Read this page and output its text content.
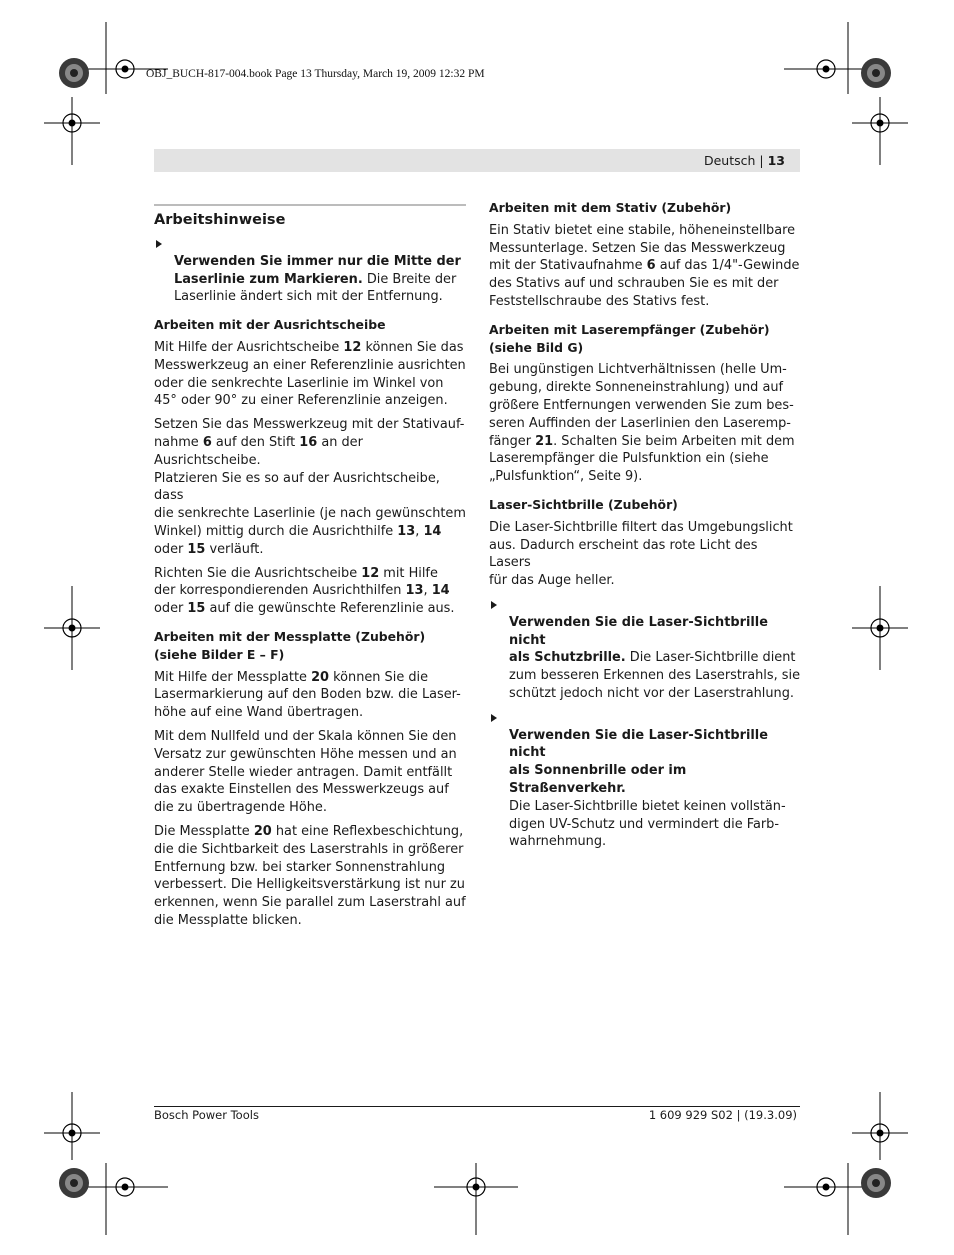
OBJ_BUCH-817-004.book Page 13 Thursday, March 19, 2009 12:32 PM
Deutsch | 13
Arbeitshinweise

Verwenden Sie immer nur die Mitte der
Laserlinie zum Markieren. Die Breite der
Laserlinie ändert sich mit der Entfernung.

Arbeiten mit der Ausrichtscheibe

Mit Hilfe der Ausrichtscheibe 12 können Sie das
Messwerkzeug an einer Referenzlinie ausrichten
oder die senkrechte Laserlinie im Winkel von
45° oder 90° zu einer Referenzlinie anzeigen.

Setzen Sie das Messwerkzeug mit der Stativauf-
nahme 6 auf den Stift 16 an der Ausrichtscheibe.
Platzieren Sie es so auf der Ausrichtscheibe, dass
die senkrechte Laserlinie (je nach gewünschtem
Winkel) mittig durch die Ausrichthilfe 13, 14
oder 15 verläuft.

Richten Sie die Ausrichtscheibe 12 mit Hilfe
der korrespondierenden Ausrichthilfen 13, 14
oder 15 auf die gewünschte Referenzlinie aus.

Arbeiten mit der Messplatte (Zubehör)
(siehe Bilder E – F)

Mit Hilfe der Messplatte 20 können Sie die
Lasermarkierung auf den Boden bzw. die Laser-
höhe auf eine Wand übertragen.

Mit dem Nullfeld und der Skala können Sie den
Versatz zur gewünschten Höhe messen und an
anderer Stelle wieder antragen. Damit entfällt
das exakte Einstellen des Messwerkzeugs auf
die zu übertragende Höhe.

Die Messplatte 20 hat eine Reflexbeschichtung,
die die Sichtbarkeit des Laserstrahls in größerer
Entfernung bzw. bei starker Sonnenstrahlung
verbessert. Die Helligkeitsverstärkung ist nur zu
erkennen, wenn Sie parallel zum Laserstrahl auf
die Messplatte blicken.

Arbeiten mit dem Stativ (Zubehör)

Ein Stativ bietet eine stabile, höheneinstellbare
Messunterlage. Setzen Sie das Messwerkzeug
mit der Stativaufnahme 6 auf das 1/4"-Gewinde
des Stativs auf und schrauben Sie es mit der
Feststellschraube des Stativs fest.

Arbeiten mit Laserempfänger (Zubehör)
(siehe Bild G)

Bei ungünstigen Lichtverhältnissen (helle Um-
gebung, direkte Sonneneinstrahlung) und auf
größere Entfernungen verwenden Sie zum bes-
seren Auffinden der Laserlinien den Laseremp-
fänger 21. Schalten Sie beim Arbeiten mit dem
Laserempfänger die Pulsfunktion ein (siehe
„Pulsfunktion“, Seite 9).

Laser-Sichtbrille (Zubehör)

Die Laser-Sichtbrille filtert das Umgebungslicht
aus. Dadurch erscheint das rote Licht des Lasers
für das Auge heller.

Verwenden Sie die Laser-Sichtbrille nicht
als Schutzbrille. Die Laser-Sichtbrille dient
zum besseren Erkennen des Laserstrahls, sie
schützt jedoch nicht vor der Laserstrahlung.

Verwenden Sie die Laser-Sichtbrille nicht
als Sonnenbrille oder im Straßenverkehr.
Die Laser-Sichtbrille bietet keinen vollstän-
digen UV-Schutz und vermindert die Farb-
wahrnehmung.

Bosch Power Tools	1 609 929 S02 | (19.3.09)
